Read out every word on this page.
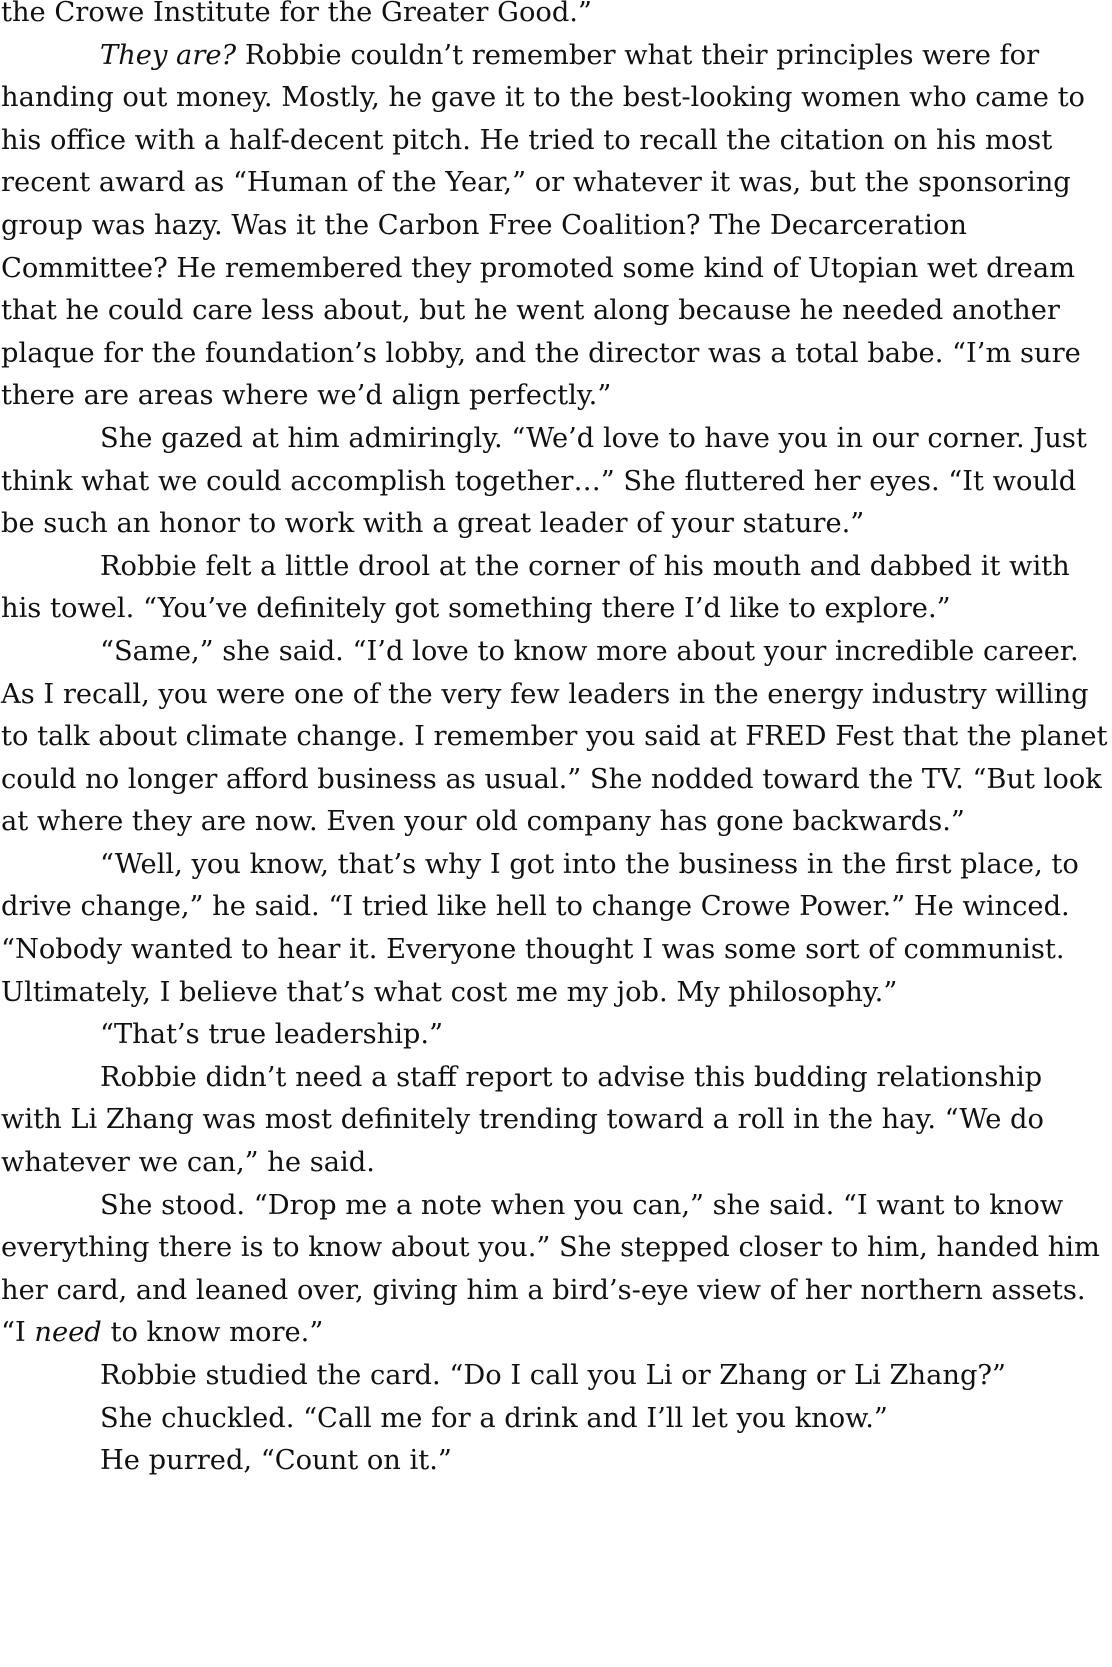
the Crowe Institute for the Greater Good.”

They are? Robbie couldn’t remember what their principles were for handing out money. Mostly, he gave it to the best-looking women who came to his office with a half-decent pitch. He tried to recall the citation on his most recent award as “Human of the Year,” or whatever it was, but the sponsoring group was hazy. Was it the Carbon Free Coalition? The Decarceration Committee? He remembered they promoted some kind of Utopian wet dream that he could care less about, but he went along because he needed another plaque for the foundation’s lobby, and the director was a total babe. “I’m sure there are areas where we’d align perfectly.”

She gazed at him admiringly. “We’d love to have you in our corner. Just think what we could accomplish together…” She fluttered her eyes. “It would be such an honor to work with a great leader of your stature.”

Robbie felt a little drool at the corner of his mouth and dabbed it with his towel. “You’ve definitely got something there I’d like to explore.”

“Same,” she said. “I’d love to know more about your incredible career. As I recall, you were one of the very few leaders in the energy industry willing to talk about climate change. I remember you said at FRED Fest that the planet could no longer afford business as usual.” She nodded toward the TV. “But look at where they are now. Even your old company has gone backwards.”

“Well, you know, that’s why I got into the business in the first place, to drive change,” he said. “I tried like hell to change Crowe Power.” He winced. “Nobody wanted to hear it. Everyone thought I was some sort of communist. Ultimately, I believe that’s what cost me my job. My philosophy.”

“That’s true leadership.”

Robbie didn’t need a staff report to advise this budding relationship with Li Zhang was most definitely trending toward a roll in the hay. “We do whatever we can,” he said.

She stood. “Drop me a note when you can,” she said. “I want to know everything there is to know about you.” She stepped closer to him, handed him her card, and leaned over, giving him a bird’s-eye view of her northern assets. “I need to know more.”

Robbie studied the card. “Do I call you Li or Zhang or Li Zhang?”

She chuckled. “Call me for a drink and I’ll let you know.”

He purred, “Count on it.”
